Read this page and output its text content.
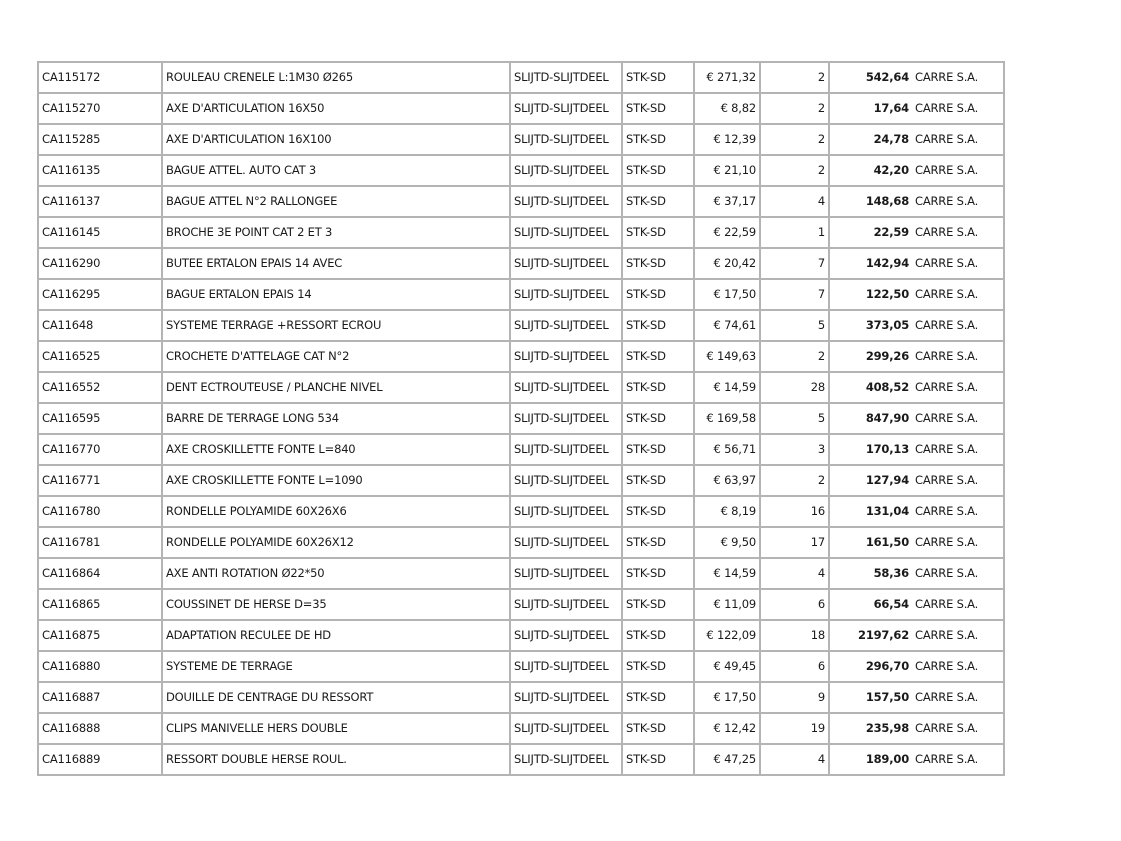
CA115172	ROULEAU CRENELE L:1M30 Ø265	SLIJTD-SLIJTDEEL	STK-SD	€ 271,32	2	542,64	CARRE S.A.
CA115270	AXE D'ARTICULATION 16X50	SLIJTD-SLIJTDEEL	STK-SD	€ 8,82	2	17,64	CARRE S.A.
CA115285	AXE D'ARTICULATION 16X100	SLIJTD-SLIJTDEEL	STK-SD	€ 12,39	2	24,78	CARRE S.A.
CA116135	BAGUE ATTEL. AUTO CAT 3	SLIJTD-SLIJTDEEL	STK-SD	€ 21,10	2	42,20	CARRE S.A.
CA116137	BAGUE ATTEL N°2 RALLONGEE	SLIJTD-SLIJTDEEL	STK-SD	€ 37,17	4	148,68	CARRE S.A.
CA116145	BROCHE 3E POINT CAT 2 ET 3	SLIJTD-SLIJTDEEL	STK-SD	€ 22,59	1	22,59	CARRE S.A.
CA116290	BUTEE ERTALON EPAIS 14 AVEC	SLIJTD-SLIJTDEEL	STK-SD	€ 20,42	7	142,94	CARRE S.A.
CA116295	BAGUE ERTALON EPAIS 14	SLIJTD-SLIJTDEEL	STK-SD	€ 17,50	7	122,50	CARRE S.A.
CA11648	SYSTEME TERRAGE +RESSORT ECROU	SLIJTD-SLIJTDEEL	STK-SD	€ 74,61	5	373,05	CARRE S.A.
CA116525	CROCHETE D'ATTELAGE CAT N°2	SLIJTD-SLIJTDEEL	STK-SD	€ 149,63	2	299,26	CARRE S.A.
CA116552	DENT ECTROUTEUSE / PLANCHE NIVEL	SLIJTD-SLIJTDEEL	STK-SD	€ 14,59	28	408,52	CARRE S.A.
CA116595	BARRE DE TERRAGE LONG 534	SLIJTD-SLIJTDEEL	STK-SD	€ 169,58	5	847,90	CARRE S.A.
CA116770	AXE CROSKILLETTE FONTE L=840	SLIJTD-SLIJTDEEL	STK-SD	€ 56,71	3	170,13	CARRE S.A.
CA116771	AXE CROSKILLETTE FONTE L=1090	SLIJTD-SLIJTDEEL	STK-SD	€ 63,97	2	127,94	CARRE S.A.
CA116780	RONDELLE POLYAMIDE 60X26X6	SLIJTD-SLIJTDEEL	STK-SD	€ 8,19	16	131,04	CARRE S.A.
CA116781	RONDELLE POLYAMIDE 60X26X12	SLIJTD-SLIJTDEEL	STK-SD	€ 9,50	17	161,50	CARRE S.A.
CA116864	AXE ANTI ROTATION Ø22*50	SLIJTD-SLIJTDEEL	STK-SD	€ 14,59	4	58,36	CARRE S.A.
CA116865	COUSSINET DE HERSE D=35	SLIJTD-SLIJTDEEL	STK-SD	€ 11,09	6	66,54	CARRE S.A.
CA116875	ADAPTATION RECULEE DE HD	SLIJTD-SLIJTDEEL	STK-SD	€ 122,09	18	2197,62	CARRE S.A.
CA116880	SYSTEME DE TERRAGE	SLIJTD-SLIJTDEEL	STK-SD	€ 49,45	6	296,70	CARRE S.A.
CA116887	DOUILLE DE CENTRAGE DU RESSORT	SLIJTD-SLIJTDEEL	STK-SD	€ 17,50	9	157,50	CARRE S.A.
CA116888	CLIPS MANIVELLE HERS DOUBLE	SLIJTD-SLIJTDEEL	STK-SD	€ 12,42	19	235,98	CARRE S.A.
CA116889	RESSORT DOUBLE HERSE ROUL.	SLIJTD-SLIJTDEEL	STK-SD	€ 47,25	4	189,00	CARRE S.A.
